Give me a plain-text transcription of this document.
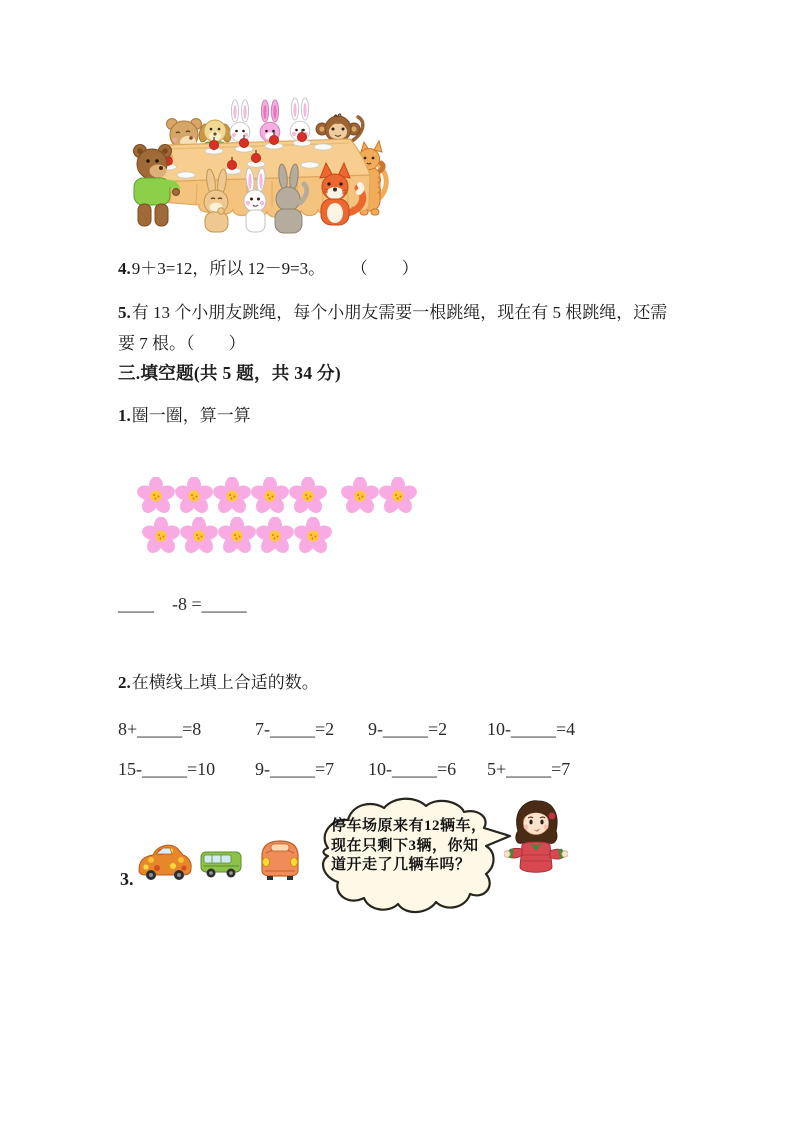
4.9＋3=12，所以 12－9=3。 （　　）
5.有 13 个小朋友跳绳，每个小朋友需要一根跳绳，现在有 5 根跳绳，还需要 7 根。（　　）
三.填空题(共 5 题，共 34 分)
1.圈一圈，算一算
____    -8 =_____
2.在横线上填上合适的数。
8+_____=8	7-_____=2	9-_____=2	10-_____=4
15-_____=10	9-_____=7	10-_____=6	5+_____=7
停车场原来有12辆车，
现在只剩下3辆，你知
道开走了几辆车吗？
3.
